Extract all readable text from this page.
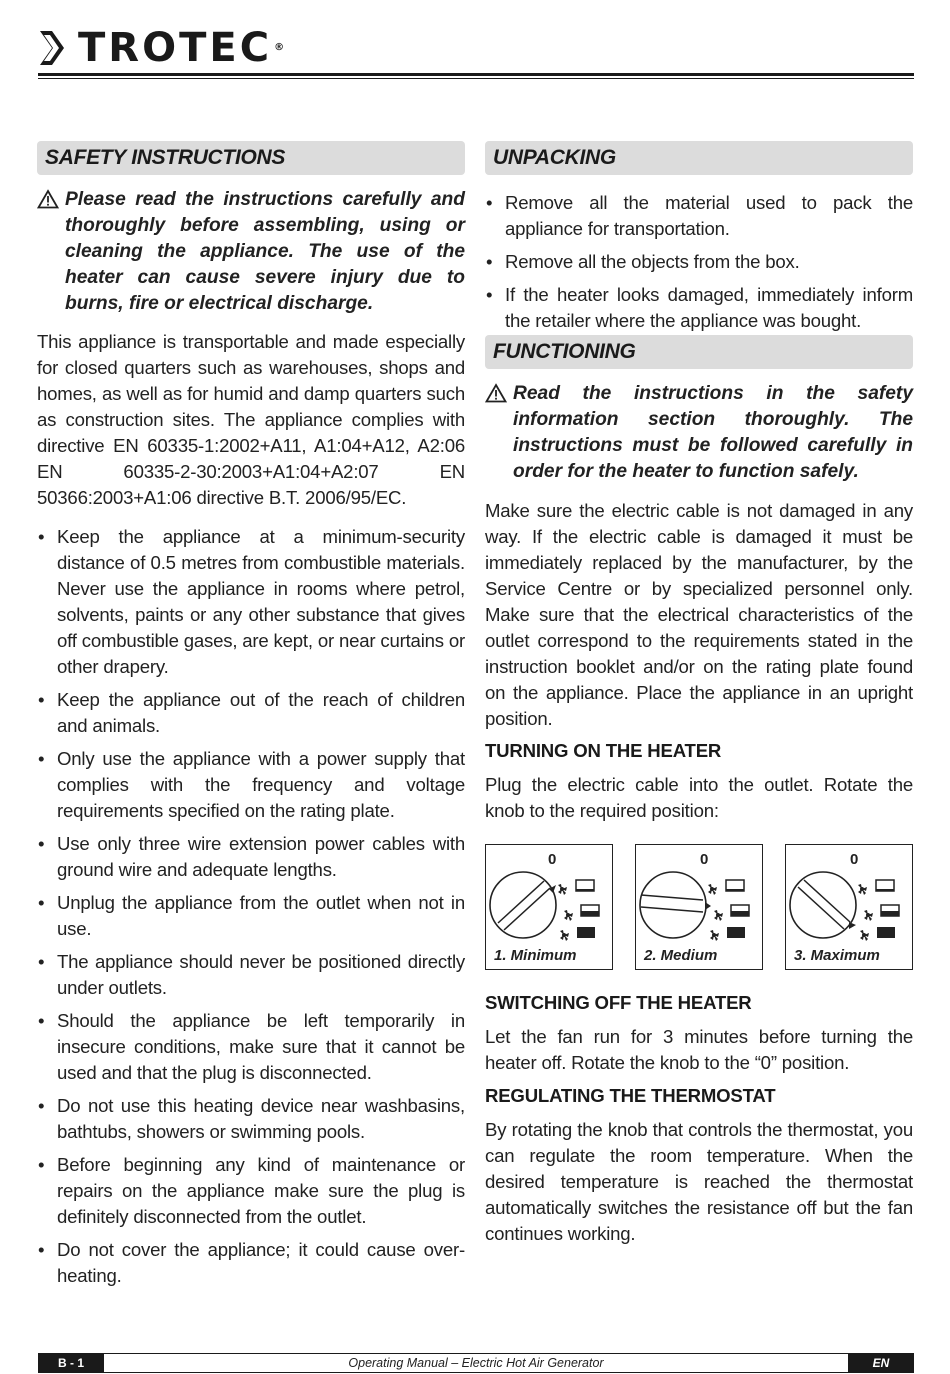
TROTEC ®
SAFETY INSTRUCTIONS
Please read the instructions carefully and thoroughly before assembling, using or cleaning the appliance. The use of the heater can cause severe injury due to burns, fire or electrical discharge.

This appliance is transportable and made especially for closed quarters such as warehouses, shops and homes, as well as for humid and damp quarters such as construction sites. The appliance complies with directive EN 60335-1:2002+A11, A1:04+A12, A2:06 EN 60335-2-30:2003+A1:04+A2:07 EN 50366:2003+A1:06 directive B.T. 2006/95/EC.

• Keep the appliance at a minimum-security distance of 0.5 metres from combustible materials. Never use the appliance in rooms where petrol, solvents, paints or any other substance that gives off combustible gases, are kept, or near curtains or other drapery.
• Keep the appliance out of the reach of children and animals.
• Only use the appliance with a power supply that complies with the frequency and voltage requirements specified on the rating plate.
• Use only three wire extension power cables with ground wire and adequate lengths.
• Unplug the appliance from the outlet when not in use.
• The appliance should never be positioned directly under outlets.
• Should the appliance be left temporarily in insecure conditions, make sure that it cannot be used and that the plug is disconnected.
• Do not use this heating device near washbasins, bathtubs, showers or swimming pools.
• Before beginning any kind of maintenance or repairs on the appliance make sure the plug is definitely disconnected from the outlet.
• Do not cover the appliance; it could cause over-heating.
UNPACKING
• Remove all the material used to pack the appliance for transportation.
• Remove all the objects from the box.
• If the heater looks damaged, immediately inform the retailer where the appliance was bought.
FUNCTIONING
Read the instructions in the safety information section thoroughly. The instructions must be followed carefully in order for the heater to function safely.

Make sure the electric cable is not damaged in any way. If the electric cable is damaged it must be immediately replaced by the manufacturer, by the Service Centre or by specialized personnel only. Make sure that the electrical characteristics of the outlet correspond to the requirements stated in the instruction booklet and/or on the rating plate found on the appliance. Place the appliance in an upright position.

TURNING ON THE HEATER

Plug the electric cable into the outlet. Rotate the knob to the required position:

0
1. Minimum
0
2. Medium
0
3. Maximum
SWITCHING OFF THE HEATER

Let the fan run for 3 minutes before turning the heater off. Rotate the knob to the “0” position.

REGULATING THE THERMOSTAT

By rotating the knob that controls the thermostat, you can regulate the room temperature. When the desired temperature is reached the thermostat automatically switches the resistance off but the fan continues working.

B - 1	Operating Manual – Electric Hot Air Generator	EN
